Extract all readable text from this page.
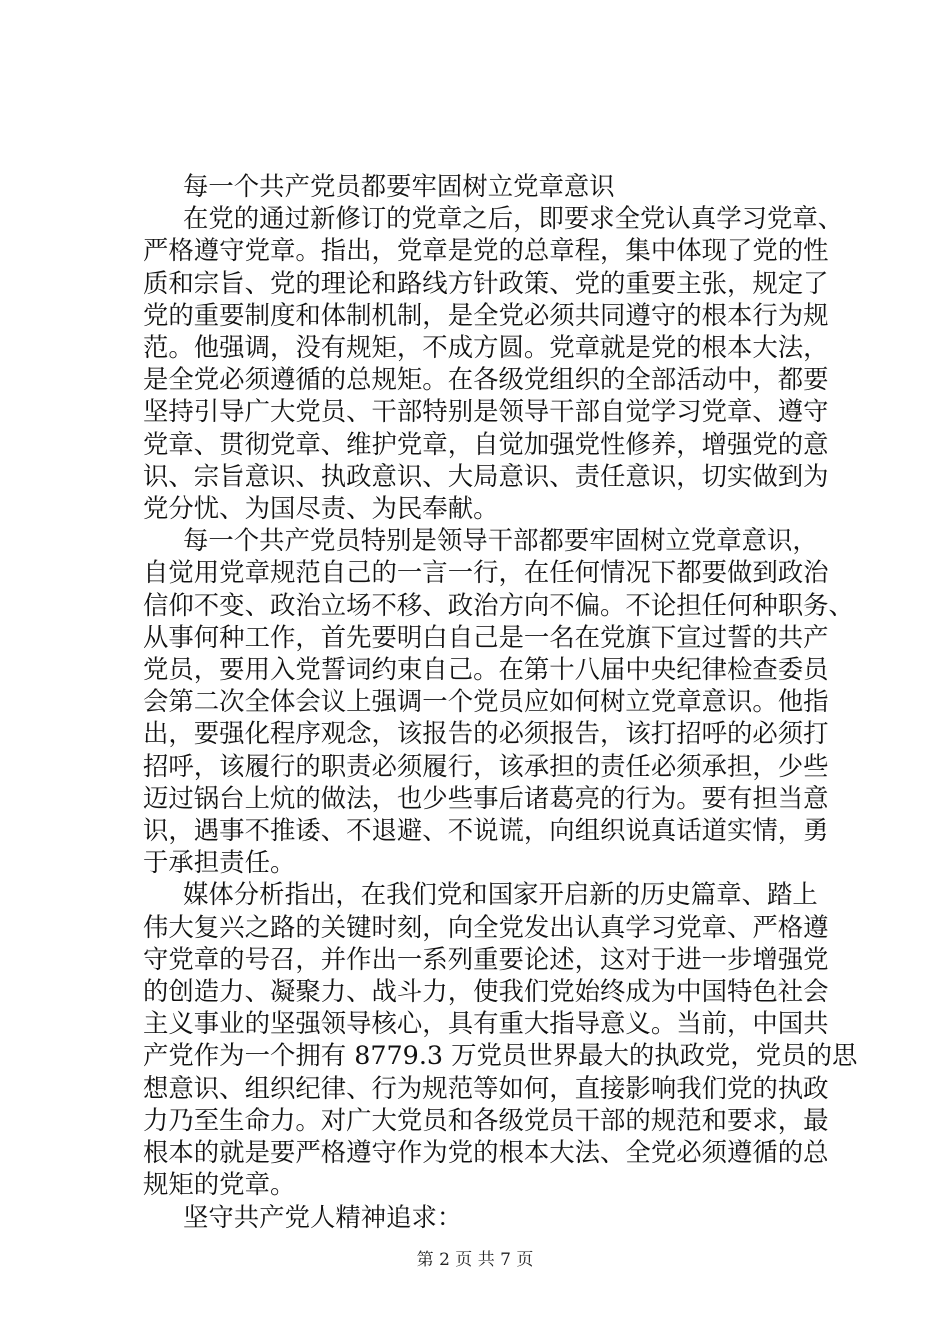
每一个共产党员都要牢固树立党章意识
在党的通过新修订的党章之后，即要求全党认真学习党章、
严格遵守党章。指出，党章是党的总章程，集中体现了党的性
质和宗旨、党的理论和路线方针政策、党的重要主张，规定了
党的重要制度和体制机制，是全党必须共同遵守的根本行为规
范。他强调，没有规矩，不成方圆。党章就是党的根本大法，
是全党必须遵循的总规矩。在各级党组织的全部活动中，都要
坚持引导广大党员、干部特别是领导干部自觉学习党章、遵守
党章、贯彻党章、维护党章，自觉加强党性修养，增强党的意
识、宗旨意识、执政意识、大局意识、责任意识，切实做到为
党分忧、为国尽责、为民奉献。
每一个共产党员特别是领导干部都要牢固树立党章意识，
自觉用党章规范自己的一言一行，在任何情况下都要做到政治
信仰不变、政治立场不移、政治方向不偏。不论担任何种职务、
从事何种工作，首先要明白自己是一名在党旗下宣过誓的共产
党员，要用入党誓词约束自己。在第十八届中央纪律检查委员
会第二次全体会议上强调一个党员应如何树立党章意识。他指
出，要强化程序观念，该报告的必须报告，该打招呼的必须打
招呼，该履行的职责必须履行，该承担的责任必须承担，少些
迈过锅台上炕的做法，也少些事后诸葛亮的行为。要有担当意
识，遇事不推诿、不退避、不说谎，向组织说真话道实情，勇
于承担责任。
媒体分析指出，在我们党和国家开启新的历史篇章、踏上
伟大复兴之路的关键时刻，向全党发出认真学习党章、严格遵
守党章的号召，并作出一系列重要论述，这对于进一步增强党
的创造力、凝聚力、战斗力，使我们党始终成为中国特色社会
主义事业的坚强领导核心，具有重大指导意义。当前，中国共
产党作为一个拥有 8779.3 万党员世界最大的执政党，党员的思
想意识、组织纪律、行为规范等如何，直接影响我们党的执政
力乃至生命力。对广大党员和各级党员干部的规范和要求，最
根本的就是要严格遵守作为党的根本大法、全党必须遵循的总
规矩的党章。
坚守共产党人精神追求：
第 2 页 共 7 页
